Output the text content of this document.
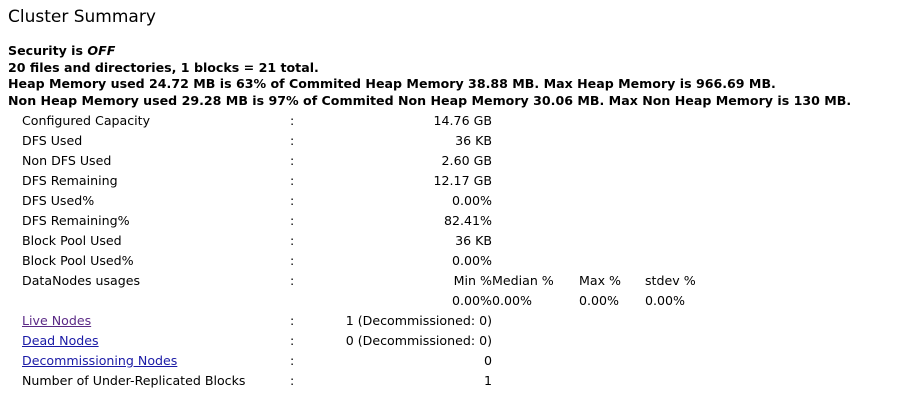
Cluster Summary
Security is OFF
20 files and directories, 1 blocks = 21 total.
Heap Memory used 24.72 MB is 63% of Commited Heap Memory 38.88 MB. Max Heap Memory is 966.69 MB.
Non Heap Memory used 29.28 MB is 97% of Commited Non Heap Memory 30.06 MB. Max Non Heap Memory is 130 MB.
Configured Capacity	:	14.76 GB	
DFS Used	:	36 KB	
Non DFS Used	:	2.60 GB	
DFS Remaining	:	12.17 GB	
DFS Used%	:	0.00%	
DFS Remaining%	:	82.41%	
Block Pool Used	:	36 KB	
Block Pool Used%	:	0.00%	
DataNodes usages	:	Min %	Median % Max % stdev %
		0.00%	0.00% 0.00% 0.00%
Live Nodes	:	1 (Decommissioned: 0)	
Dead Nodes	:	0 (Decommissioned: 0)	
Decommissioning Nodes	:	0	
Number of Under-Replicated Blocks	:	1	
